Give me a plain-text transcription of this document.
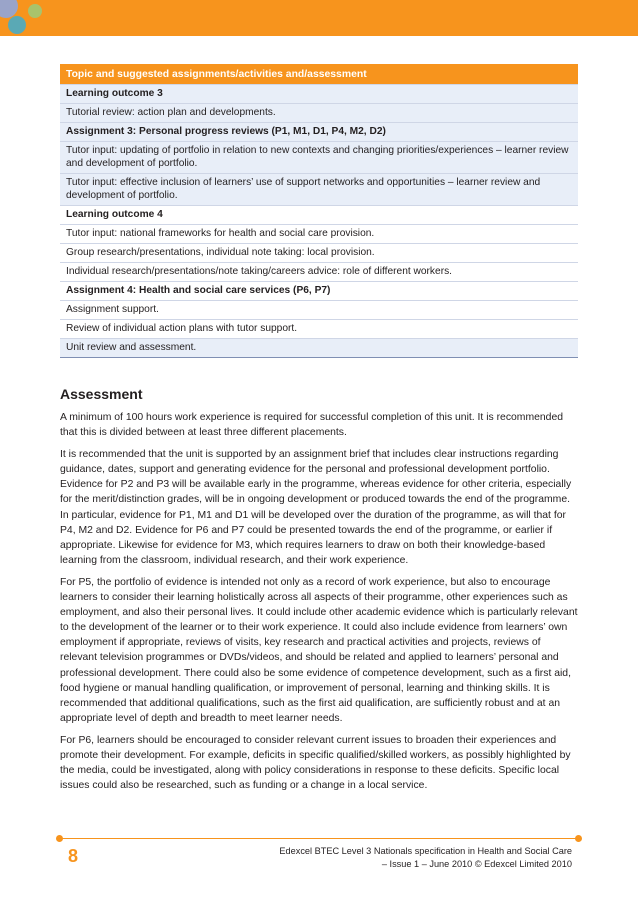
Topic and suggested assignments/activities and/assessment
Learning outcome 3
Tutorial review: action plan and developments.
Assignment 3: Personal progress reviews (P1, M1, D1, P4, M2, D2)
Tutor input: updating of portfolio in relation to new contexts and changing priorities/experiences – learner review and development of portfolio.
Tutor input: effective inclusion of learners’ use of support networks and opportunities – learner review and development of portfolio.
Learning outcome 4
Tutor input: national frameworks for health and social care provision.
Group research/presentations, individual note taking: local provision.
Individual research/presentations/note taking/careers advice: role of different workers.
Assignment 4: Health and social care services (P6, P7)
Assignment support.
Review of individual action plans with tutor support.
Unit review and assessment.
Assessment

A minimum of 100 hours work experience is required for successful completion of this unit. It is recommended that this is divided between at least three different placements.

It is recommended that the unit is supported by an assignment brief that includes clear instructions regarding guidance, dates, support and generating evidence for the personal and professional development portfolio. Evidence for P2 and P3 will be available early in the programme, whereas evidence for other criteria, especially for the merit/distinction grades, will be in ongoing development or produced towards the end of the programme. In particular, evidence for P1, M1 and D1 will be developed over the duration of the programme, as will that for P4, M2 and D2. Evidence for P6 and P7 could be presented towards the end of the programme, or earlier if appropriate. Likewise for evidence for M3, which requires learners to draw on both their knowledge-based learning from the classroom, individual research, and their work experience.

For P5, the portfolio of evidence is intended not only as a record of work experience, but also to encourage learners to consider their learning holistically across all aspects of their programme, other experiences such as employment, and also their personal lives. It could include other academic evidence which is particularly relevant to the development of the learner or to their work experience. It could also include evidence from learners’ own employment if appropriate, reviews of visits, key research and practical activities and projects, reviews of relevant television programmes or DVDs/videos, and should be related and applied to learners’ personal and professional development. There could also be some evidence of competence development, such as a first aid, food hygiene or manual handling qualification, or improvement of personal, learning and thinking skills. It is recommended that additional qualifications, such as the first aid qualification, are sufficiently robust and at an appropriate level of depth and breadth to meet learner needs.

For P6, learners should be encouraged to consider relevant current issues to broaden their experiences and promote their development. For example, deficits in specific qualified/skilled workers, as possibly highlighted by the media, could be investigated, along with policy considerations in response to these deficits. Specific local issues could also be researched, such as funding or a change in a local service.

8	Edexcel BTEC Level 3 Nationals specification in Health and Social Care
– Issue 1 – June 2010 © Edexcel Limited 2010
